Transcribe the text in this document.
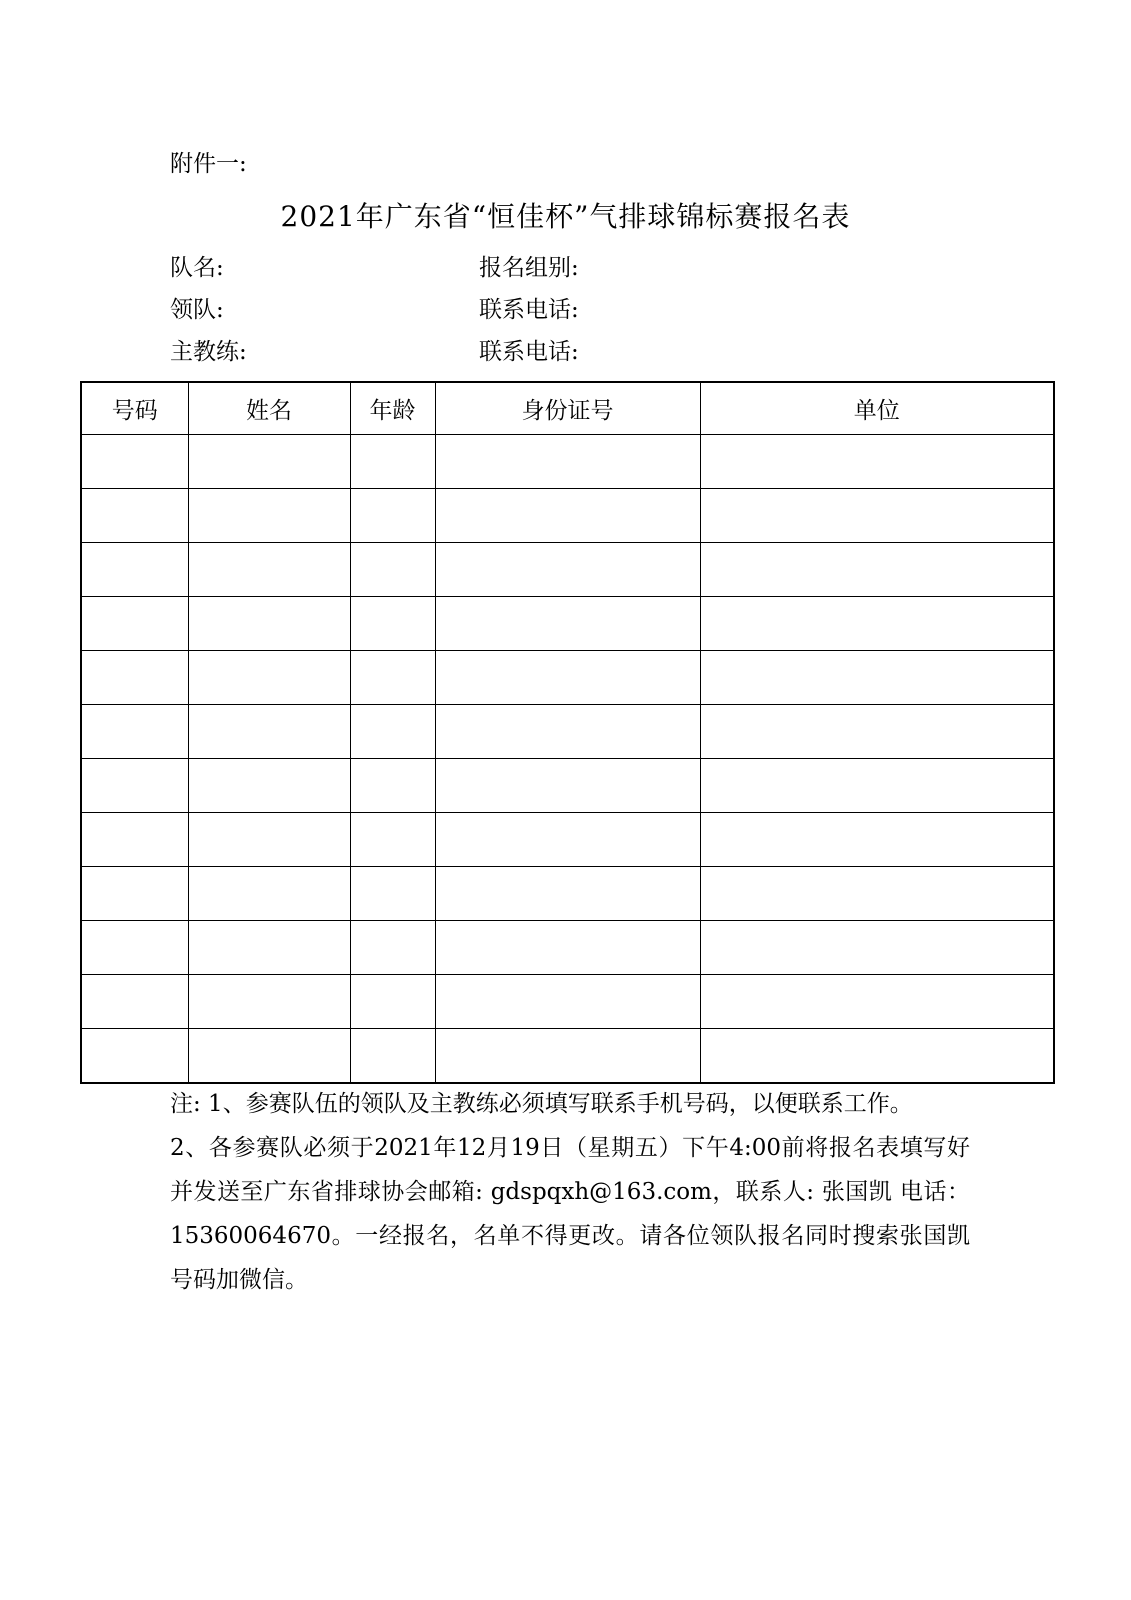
附件一:
2021年广东省“恒佳杯”气排球锦标赛报名表
队名:	报名组别:
领队:	联系电话:
主教练:	联系电话:
号码	姓名	年龄	身份证号	单位

注: 1、参赛队伍的领队及主教练必须填写联系手机号码，以便联系工作。

2、各参赛队必须于2021年12月19日（星期五）下午4:00前将报名表填写好并发送至广东省排球协会邮箱: gdspqxh@163.com，联系人: 张国凯 电话：15360064670。一经报名，名单不得更改。请各位领队报名同时搜索张国凯号码加微信。
